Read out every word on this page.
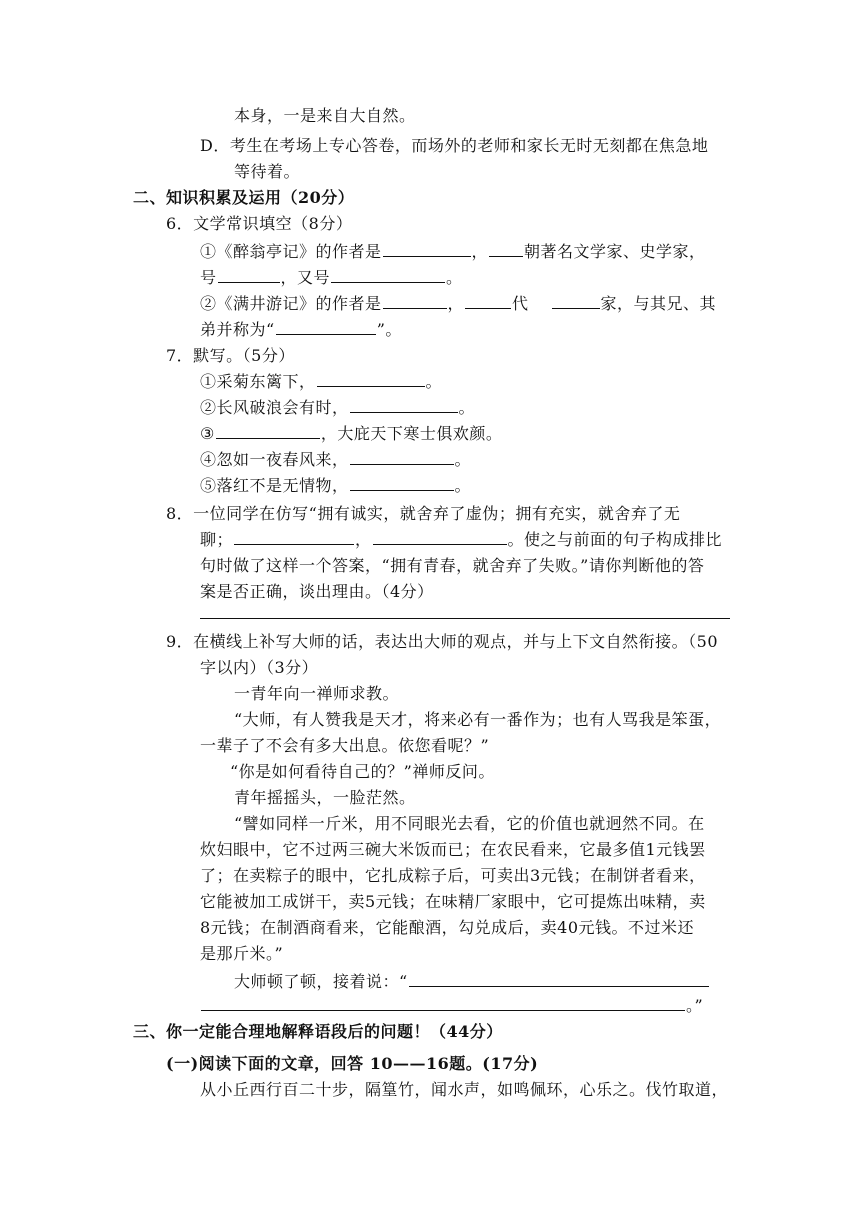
本身，一是来自大自然。
D．考生在考场上专心答卷，而场外的老师和家长无时无刻都在焦急地
等待着。
二、知识积累及运用（20分）
6．文学常识填空（8分）
①《醉翁亭记》的作者是	， 朝著名文学家、史学家，
号	，又号	。
②《满井游记》的作者是	，	代	家，与其兄、其
弟并称为“	”。
7．默写。（5分）
①采菊东篱下，	。
②长风破浪会有时，	。
③	，大庇天下寒士俱欢颜。
④忽如一夜春风来，	。
⑤落红不是无情物，	。
8．一位同学在仿写“拥有诚实，就舍弃了虚伪；拥有充实，就舍弃了无
聊；	，	。使之与前面的句子构成排比
句时做了这样一个答案，“拥有青春，就舍弃了失败。”请你判断他的答
案是否正确，谈出理由。（4分）
9．在横线上补写大师的话，表达出大师的观点，并与上下文自然衔接。（50
字以内）（3分）
一青年向一禅师求教。
“大师，有人赞我是天才，将来必有一番作为；也有人骂我是笨蛋，
一辈子了不会有多大出息。依您看呢？”
“你是如何看待自己的？”禅师反问。
青年摇摇头，一脸茫然。
“譬如同样一斤米，用不同眼光去看，它的价值也就迥然不同。在
炊妇眼中，它不过两三碗大米饭而已；在农民看来，它最多值1元钱罢
了；在卖粽子的眼中，它扎成粽子后，可卖出3元钱；在制饼者看来，
它能被加工成饼干，卖5元钱；在味精厂家眼中，它可提炼出味精，卖
8元钱；在制酒商看来，它能酿酒，勾兑成后，卖40元钱。不过米还
是那斤米。”
大师顿了顿，接着说：“
。”
三、你一定能合理地解释语段后的问题！（44分）
(一)阅读下面的文章，回答 10——16题。(17分)
从小丘西行百二十步，隔篁竹，闻水声，如鸣佩环，心乐之。伐竹取道，
